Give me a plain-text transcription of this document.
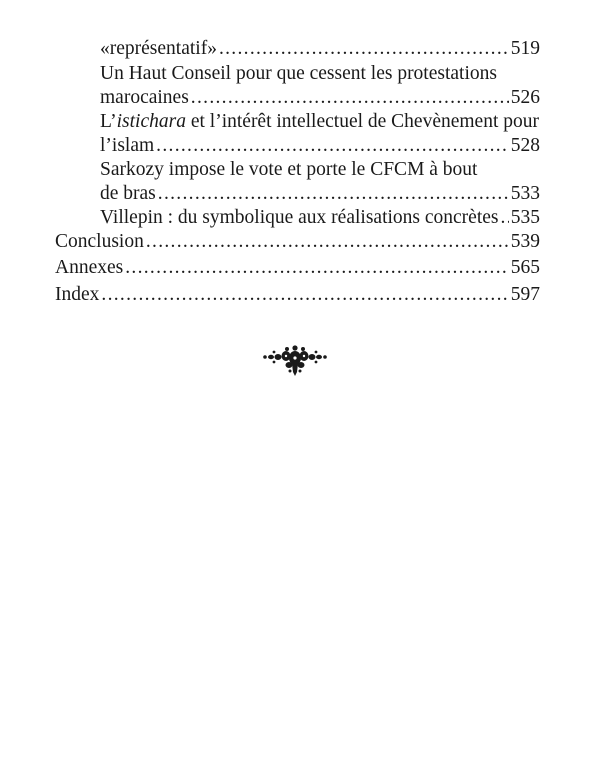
«représentatif» .....	519
Un Haut Conseil pour que cessent les protestations
marocaines .....	526
L’istichara et l’intérêt intellectuel de Chevènement pour
l’islam .....	528
Sarkozy impose le vote et porte le CFCM à bout
de bras .....	533
Villepin : du symbolique aux réalisations concrètes ..... 535
Conclusion .....	539
Annexes .....	565
Index .....	597
